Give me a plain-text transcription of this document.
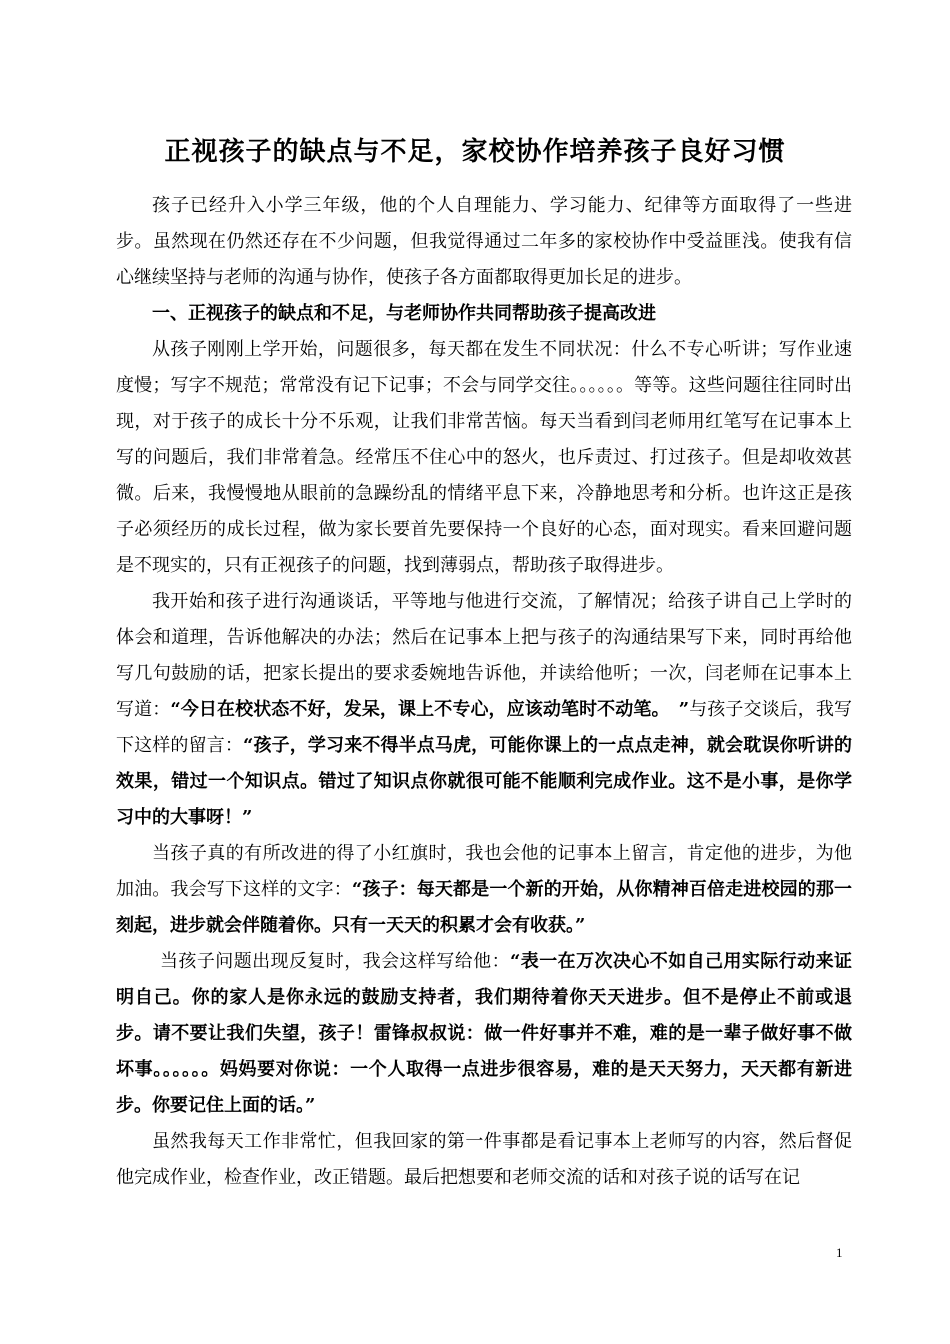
正视孩子的缺点与不足，家校协作培养孩子良好习惯

孩子已经升入小学三年级，他的个人自理能力、学习能力、纪律等方面取得了一些进步。虽然现在仍然还存在不少问题，但我觉得通过二年多的家校协作中受益匪浅。使我有信心继续坚持与老师的沟通与协作，使孩子各方面都取得更加长足的进步。

一、正视孩子的缺点和不足，与老师协作共同帮助孩子提高改进

从孩子刚刚上学开始，问题很多，每天都在发生不同状况：什么不专心听讲；写作业速度慢；写字不规范；常常没有记下记事；不会与同学交往。。。。。。等等。这些问题往往同时出现，对于孩子的成长十分不乐观，让我们非常苦恼。每天当看到闫老师用红笔写在记事本上写的问题后，我们非常着急。经常压不住心中的怒火，也斥责过、打过孩子。但是却收效甚微。后来，我慢慢地从眼前的急躁纷乱的情绪平息下来，冷静地思考和分析。也许这正是孩子必须经历的成长过程，做为家长要首先要保持一个良好的心态，面对现实。看来回避问题是不现实的，只有正视孩子的问题，找到薄弱点，帮助孩子取得进步。

我开始和孩子进行沟通谈话，平等地与他进行交流，了解情况；给孩子讲自己上学时的体会和道理，告诉他解决的办法；然后在记事本上把与孩子的沟通结果写下来，同时再给他写几句鼓励的话，把家长提出的要求委婉地告诉他，并读给他听；一次，闫老师在记事本上写道：“今日在校状态不好，发呆，课上不专心，应该动笔时不动笔。　”与孩子交谈后，我写下这样的留言：“孩子，学习来不得半点马虎，可能你课上的一点点走神，就会耽误你听讲的效果，错过一个知识点。错过了知识点你就很可能不能顺利完成作业。这不是小事，是你学习中的大事呀！”

当孩子真的有所改进的得了小红旗时，我也会他的记事本上留言，肯定他的进步，为他加油。我会写下这样的文字：“孩子：每天都是一个新的开始，从你精神百倍走进校园的那一刻起，进步就会伴随着你。只有一天天的积累才会有收获。”

当孩子问题出现反复时，我会这样写给他：“表一在万次决心不如自己用实际行动来证明自己。你的家人是你永远的鼓励支持者，我们期待着你天天进步。但不是停止不前或退步。请不要让我们失望，孩子！雷锋叔叔说：做一件好事并不难，难的是一辈子做好事不做坏事。。。。。。妈妈要对你说：一个人取得一点进步很容易，难的是天天努力，天天都有新进步。你要记住上面的话。”

虽然我每天工作非常忙，但我回家的第一件事都是看记事本上老师写的内容，然后督促他完成作业，检查作业，改正错题。最后把想要和老师交流的话和对孩子说的话写在记

1
